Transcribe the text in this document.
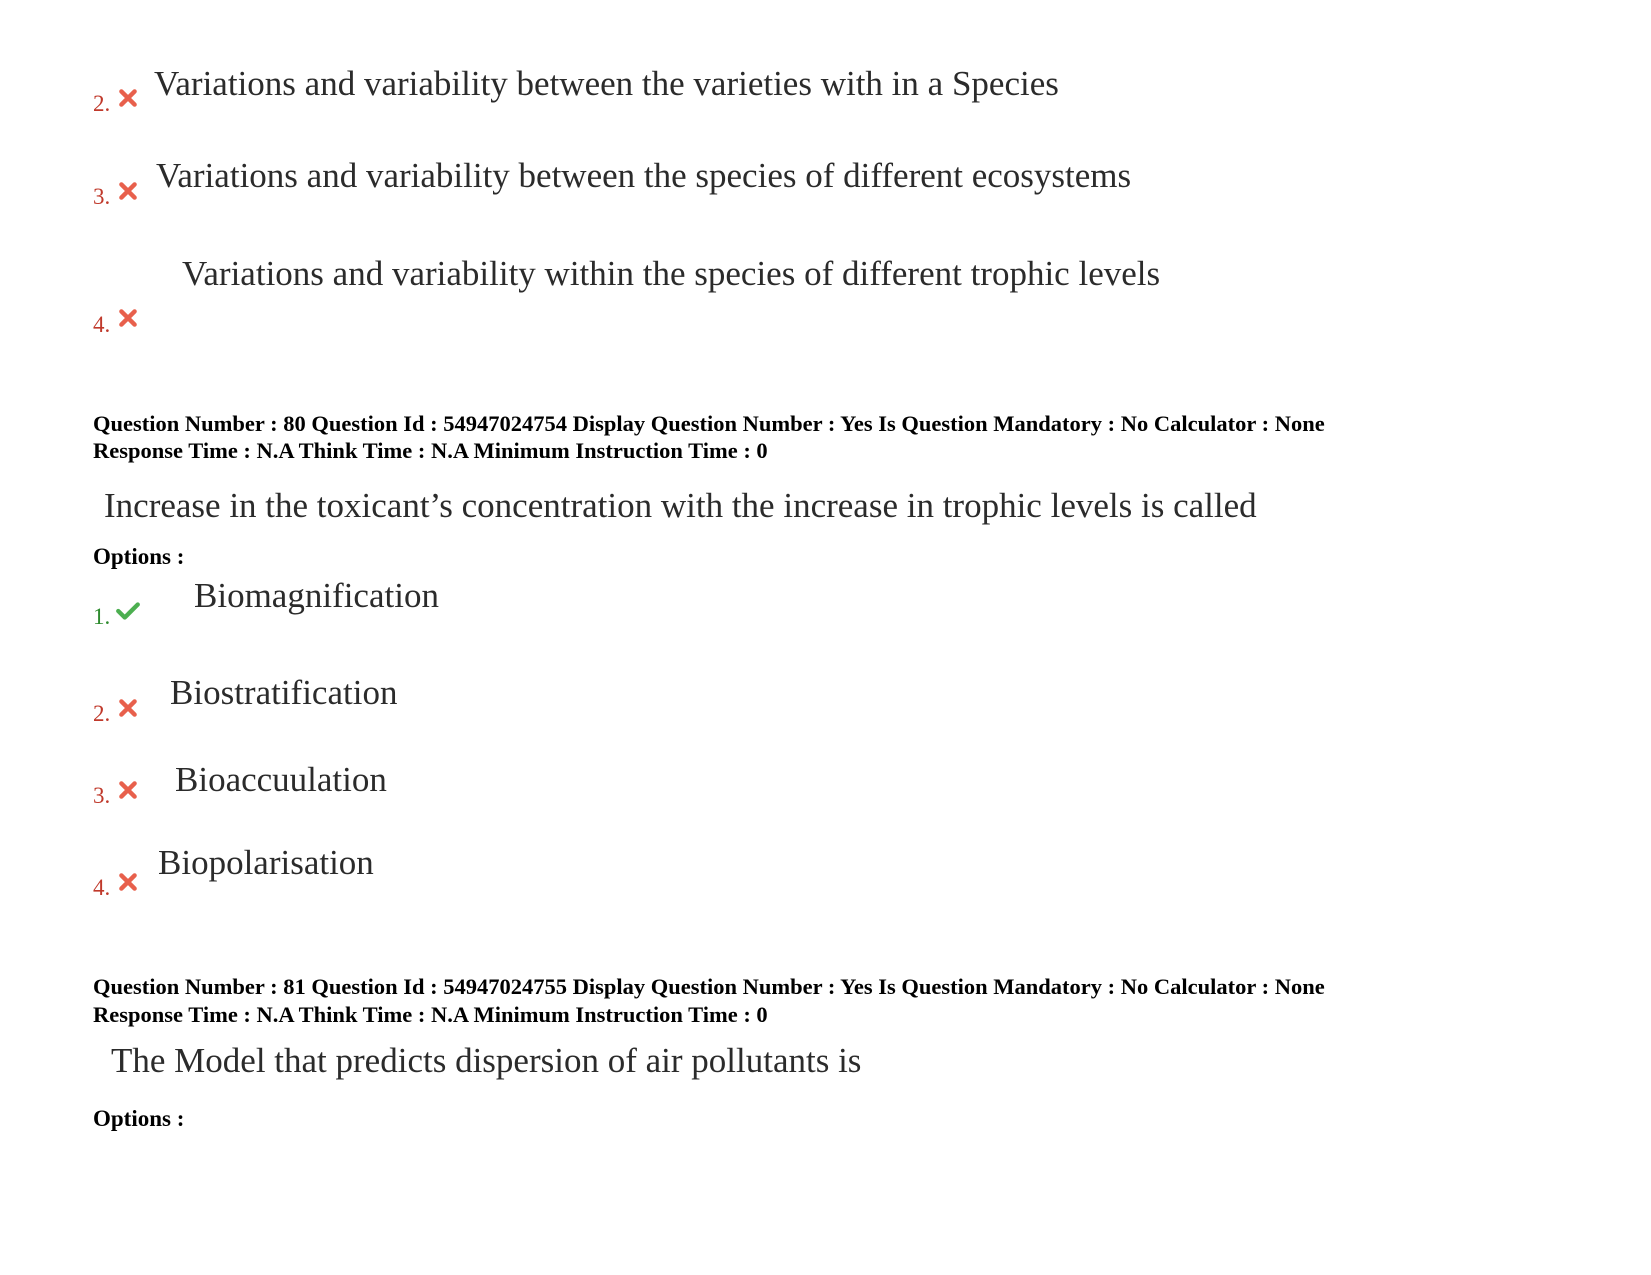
2.
Variations and variability between the varieties with in a Species
3.
Variations and variability between the species of different ecosystems
4.
Variations and variability within the species of different trophic levels
Question Number : 80 Question Id : 54947024754 Display Question Number : Yes Is Question Mandatory : No Calculator : None
Response Time : N.A Think Time : N.A Minimum Instruction Time : 0
Increase in the toxicant’s concentration with the increase in trophic levels is called
Options :
1.
Biomagnification
2.
Biostratification
3. Bioaccuulation
4.
Biopolarisation
Question Number : 81 Question Id : 54947024755 Display Question Number : Yes Is Question Mandatory : No Calculator : None
Response Time : N.A Think Time : N.A Minimum Instruction Time : 0
The Model that predicts dispersion of air pollutants is
Options :
